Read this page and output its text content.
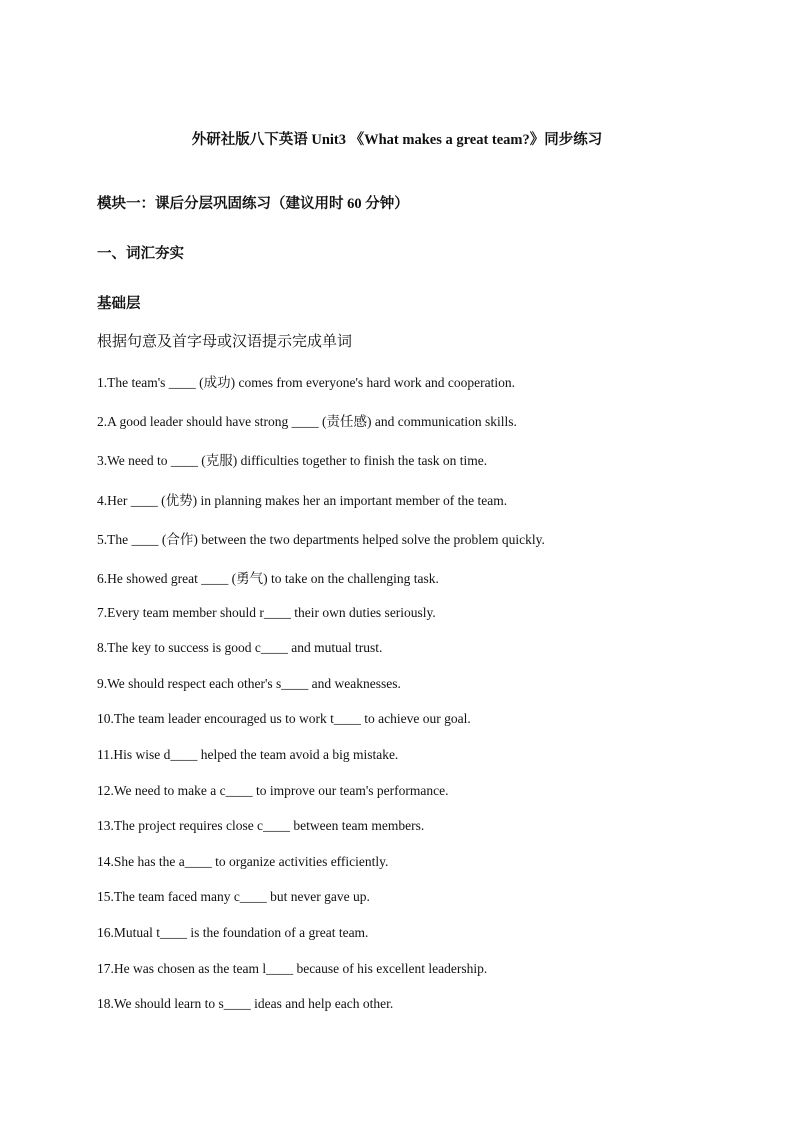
外研社版八下英语 Unit3 《What makes a great team?》同步练习
模块一：课后分层巩固练习（建议用时 60 分钟）
一、词汇夯实
基础层
根据句意及首字母或汉语提示完成单词
1.The team's ____ (成功) comes from everyone's hard work and cooperation.
2.A good leader should have strong ____ (责任感) and communication skills.
3.We need to ____ (克服) difficulties together to finish the task on time.
4.Her ____ (优势) in planning makes her an important member of the team.
5.The ____ (合作) between the two departments helped solve the problem quickly.
6.He showed great ____ (勇气) to take on the challenging task.
7.Every team member should r____ their own duties seriously.
8.The key to success is good c____ and mutual trust.
9.We should respect each other's s____ and weaknesses.
10.The team leader encouraged us to work t____ to achieve our goal.
11.His wise d____ helped the team avoid a big mistake.
12.We need to make a c____ to improve our team's performance.
13.The project requires close c____ between team members.
14.She has the a____ to organize activities efficiently.
15.The team faced many c____ but never gave up.
16.Mutual t____ is the foundation of a great team.
17.He was chosen as the team l____ because of his excellent leadership.
18.We should learn to s____ ideas and help each other.
